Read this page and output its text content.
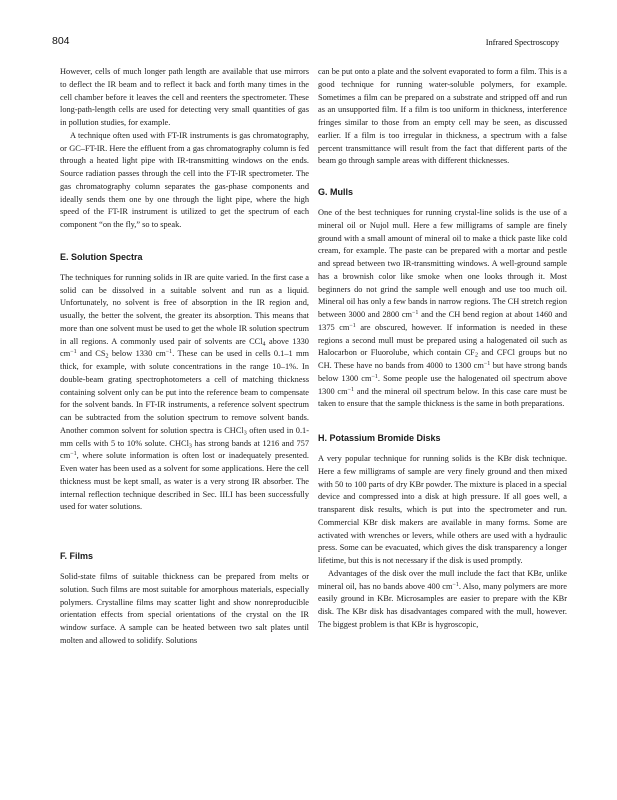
804	Infrared Spectroscopy

However, cells of much longer path length are available that use mirrors to deflect the IR beam and to reflect it back and forth many times in the cell chamber before it leaves the cell and reenters the spectrometer. These long-path-length cells are used for detecting very small quantities of gas in pollution studies, for example.

A technique often used with FT-IR instruments is gas chromatography, or GC–FT-IR. Here the effluent from a gas chromatography column is fed through a heated light pipe with IR-transmitting windows on the ends. Source radiation passes through the cell into the FT-IR spectrometer. The gas chromatography column separates the gas-phase components and ideally sends them one by one through the light pipe, where the high speed of the FT-IR instrument is utilized to get the spectrum of each component “on the fly,” so to speak.

E. Solution Spectra

The techniques for running solids in IR are quite varied. In the first case a solid can be dissolved in a suitable solvent and run as a liquid. Unfortunately, no solvent is free of absorption in the IR region and, usually, the better the solvent, the greater its absorption. This means that more than one solvent must be used to get the whole IR solution spectrum in all regions. A commonly used pair of solvents are CCl$_4$ above 1330 $cm^{-1}$ and $CS_2$ below 1330 $cm^{-1}$. These can be used in cells 0.1–1 mm thick, for example, with solute concentrations in the range 10–1%. In double-beam grating spectrophotometers a cell of matching thickness containing solvent only can be put into the reference beam to compensate for the solvent bands. In FT-IR instruments, a reference solvent spectrum can be subtracted from the solution spectrum to remove solvent bands. Another common solvent for solution spectra is CHCl$_3$ often used in 0.1-mm cells with 5 to 10% solute. CHCl$_3$ has strong bands at 1216 and 757 $cm^{-1}$, where solute information is often lost or inadequately presented. Even water has been used as a solvent for some applications. Here the cell thickness must be kept small, as water is a very strong IR absorber. The internal reflection technique described in Sec. III.I has been successfully used for water solutions.

F. Films

Solid-state films of suitable thickness can be prepared from melts or solution. Such films are most suitable for amorphous materials, especially polymers. Crystalline films may scatter light and show nonreproducible orientation effects from special orientations of the crystal on the IR window surface. A sample can be heated between two salt plates until molten and allowed to solidify. Solutions

can be put onto a plate and the solvent evaporated to form a film. This is a good technique for running water-soluble polymers, for example. Sometimes a film can be prepared on a substrate and stripped off and run as an unsupported film. If a film is too uniform in thickness, interference fringes similar to those from an empty cell may be seen, as discussed earlier. If a film is too irregular in thickness, a spectrum with a false percent transmittance will result from the fact that different parts of the beam go through sample areas with different thicknesses.

G. Mulls

One of the best techniques for running crystal-line solids is the use of a mineral oil or Nujol mull. Here a few milligrams of sample are finely ground with a small amount of mineral oil to make a thick paste like cold cream, for example. The paste can be prepared with a mortar and pestle and spread between two IR-transmitting windows. A well-ground sample has a brownish color like smoke when one looks through it. Most beginners do not grind the sample well enough and use too much oil. Mineral oil has only a few bands in narrow regions. The CH stretch region between 3000 and 2800 $cm^{-1}$ and the CH bend region at about 1460 and 1375 $cm^{-1}$ are obscured, however. If information is needed in these regions a second mull must be prepared using a halogenated oil such as Halocarbon or Fluorolube, which contain $CF_2$ and CFCl groups but no CH. These have no bands from 4000 to 1300 $cm^{-1}$ but have strong bands below 1300 $cm^{-1}$. Some people use the halogenated oil spectrum above 1300 $cm^{-1}$ and the mineral oil spectrum below. In this case care must be taken to ensure that the sample thickness is the same in both preparations.

H. Potassium Bromide Disks

A very popular technique for running solids is the KBr disk technique. Here a few milligrams of sample are very finely ground and then mixed with 50 to 100 parts of dry KBr powder. The mixture is placed in a special device and compressed into a disk at high pressure. If all goes well, a transparent disk results, which is put into the spectrometer and run. Commercial KBr disk makers are available in many forms. Some are activated with wrenches or levers, while others are used with a hydraulic press. Some can be evacuated, which gives the disk transparency a longer lifetime, but this is not necessary if the disk is used promptly.

Advantages of the disk over the mull include the fact that KBr, unlike mineral oil, has no bands above 400 $cm^{-1}$. Also, many polymers are more easily ground in KBr. Microsamples are easier to prepare with the KBr disk. The KBr disk has disadvantages compared with the mull, however. The biggest problem is that KBr is hygroscopic,
